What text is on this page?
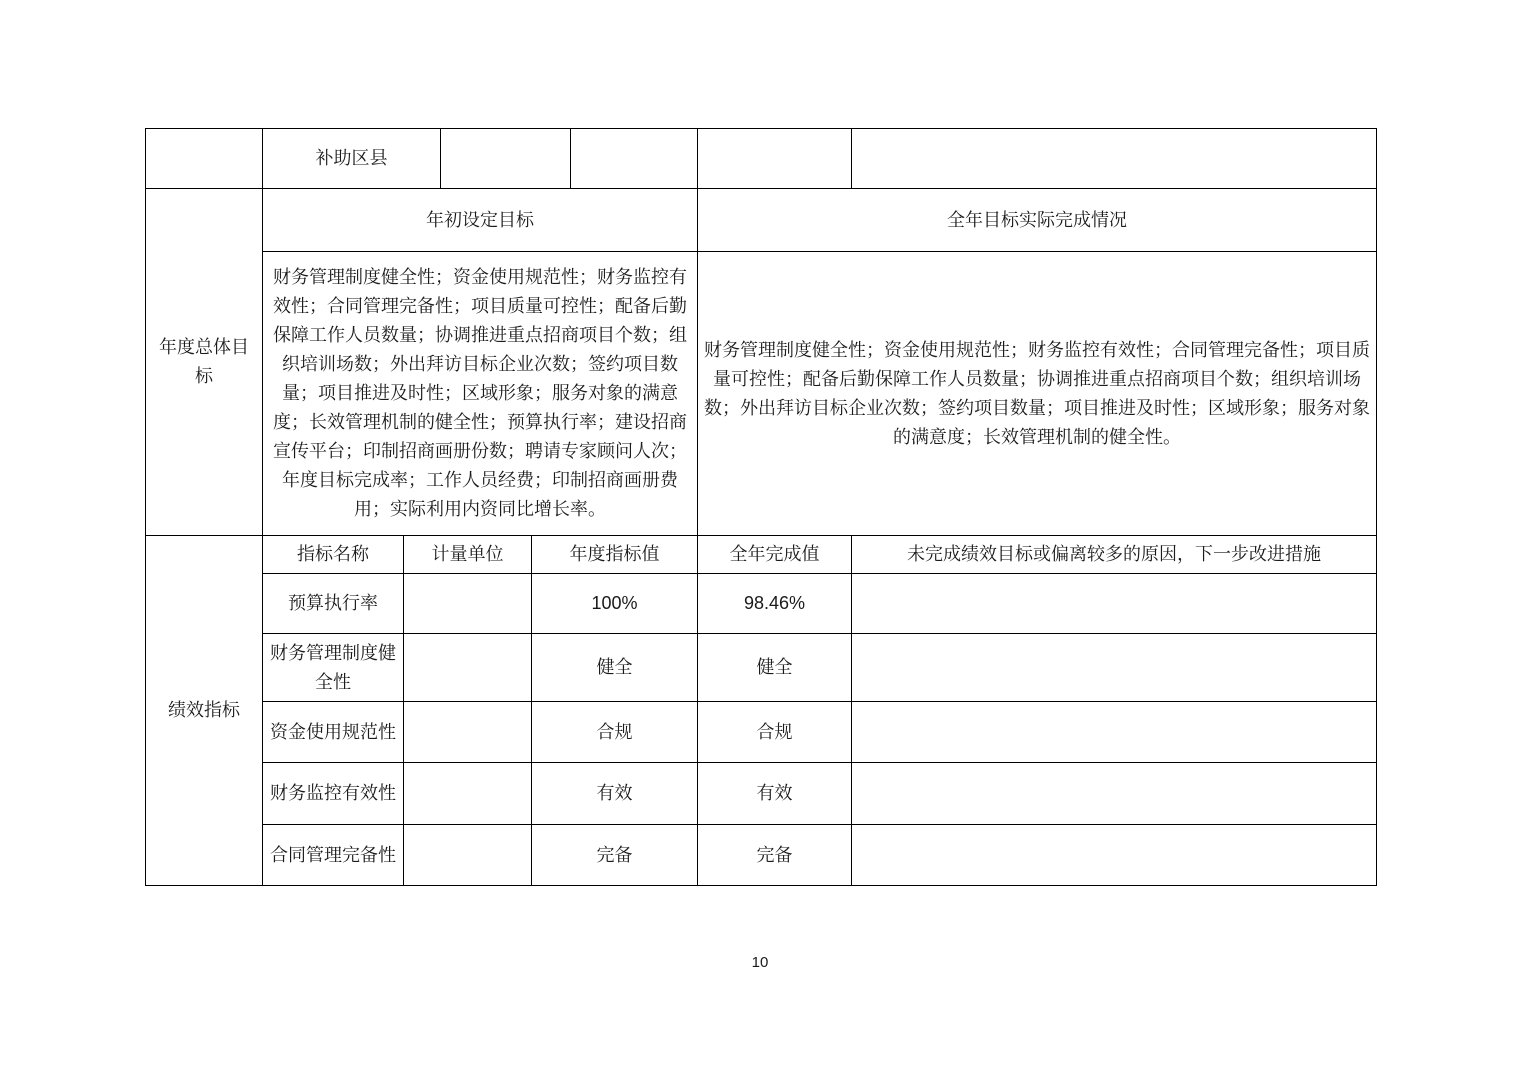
	补助区县						
年度总体目标	年初设定目标					全年目标实际完成情况	
	财务管理制度健全性；资金使用规范性；财务监控有效性；合同管理完备性；项目质量可控性；配备后勤保障工作人员数量；协调推进重点招商项目个数；组织培训场数；外出拜访目标企业次数；签约项目数量；项目推进及时性；区域形象；服务对象的满意度；长效管理机制的健全性；预算执行率；建设招商宣传平台；印制招商画册份数；聘请专家顾问人次；年度目标完成率；工作人员经费；印制招商画册费用；实际利用内资同比增长率。					财务管理制度健全性；资金使用规范性；财务监控有效性；合同管理完备性；项目质量可控性；配备后勤保障工作人员数量；协调推进重点招商项目个数；组织培训场数；外出拜访目标企业次数；签约项目数量；项目推进及时性；区域形象；服务对象的满意度；长效管理机制的健全性。	
绩效指标	指标名称	计量单位		年度指标值		全年完成值	未完成绩效目标或偏离较多的原因，下一步改进措施
	预算执行率			100%		98.46%	
	财务管理制度健全性			健全		健全	
	资金使用规范性			合规		合规	
	财务监控有效性			有效		有效	
	合同管理完备性			完备		完备	
10
